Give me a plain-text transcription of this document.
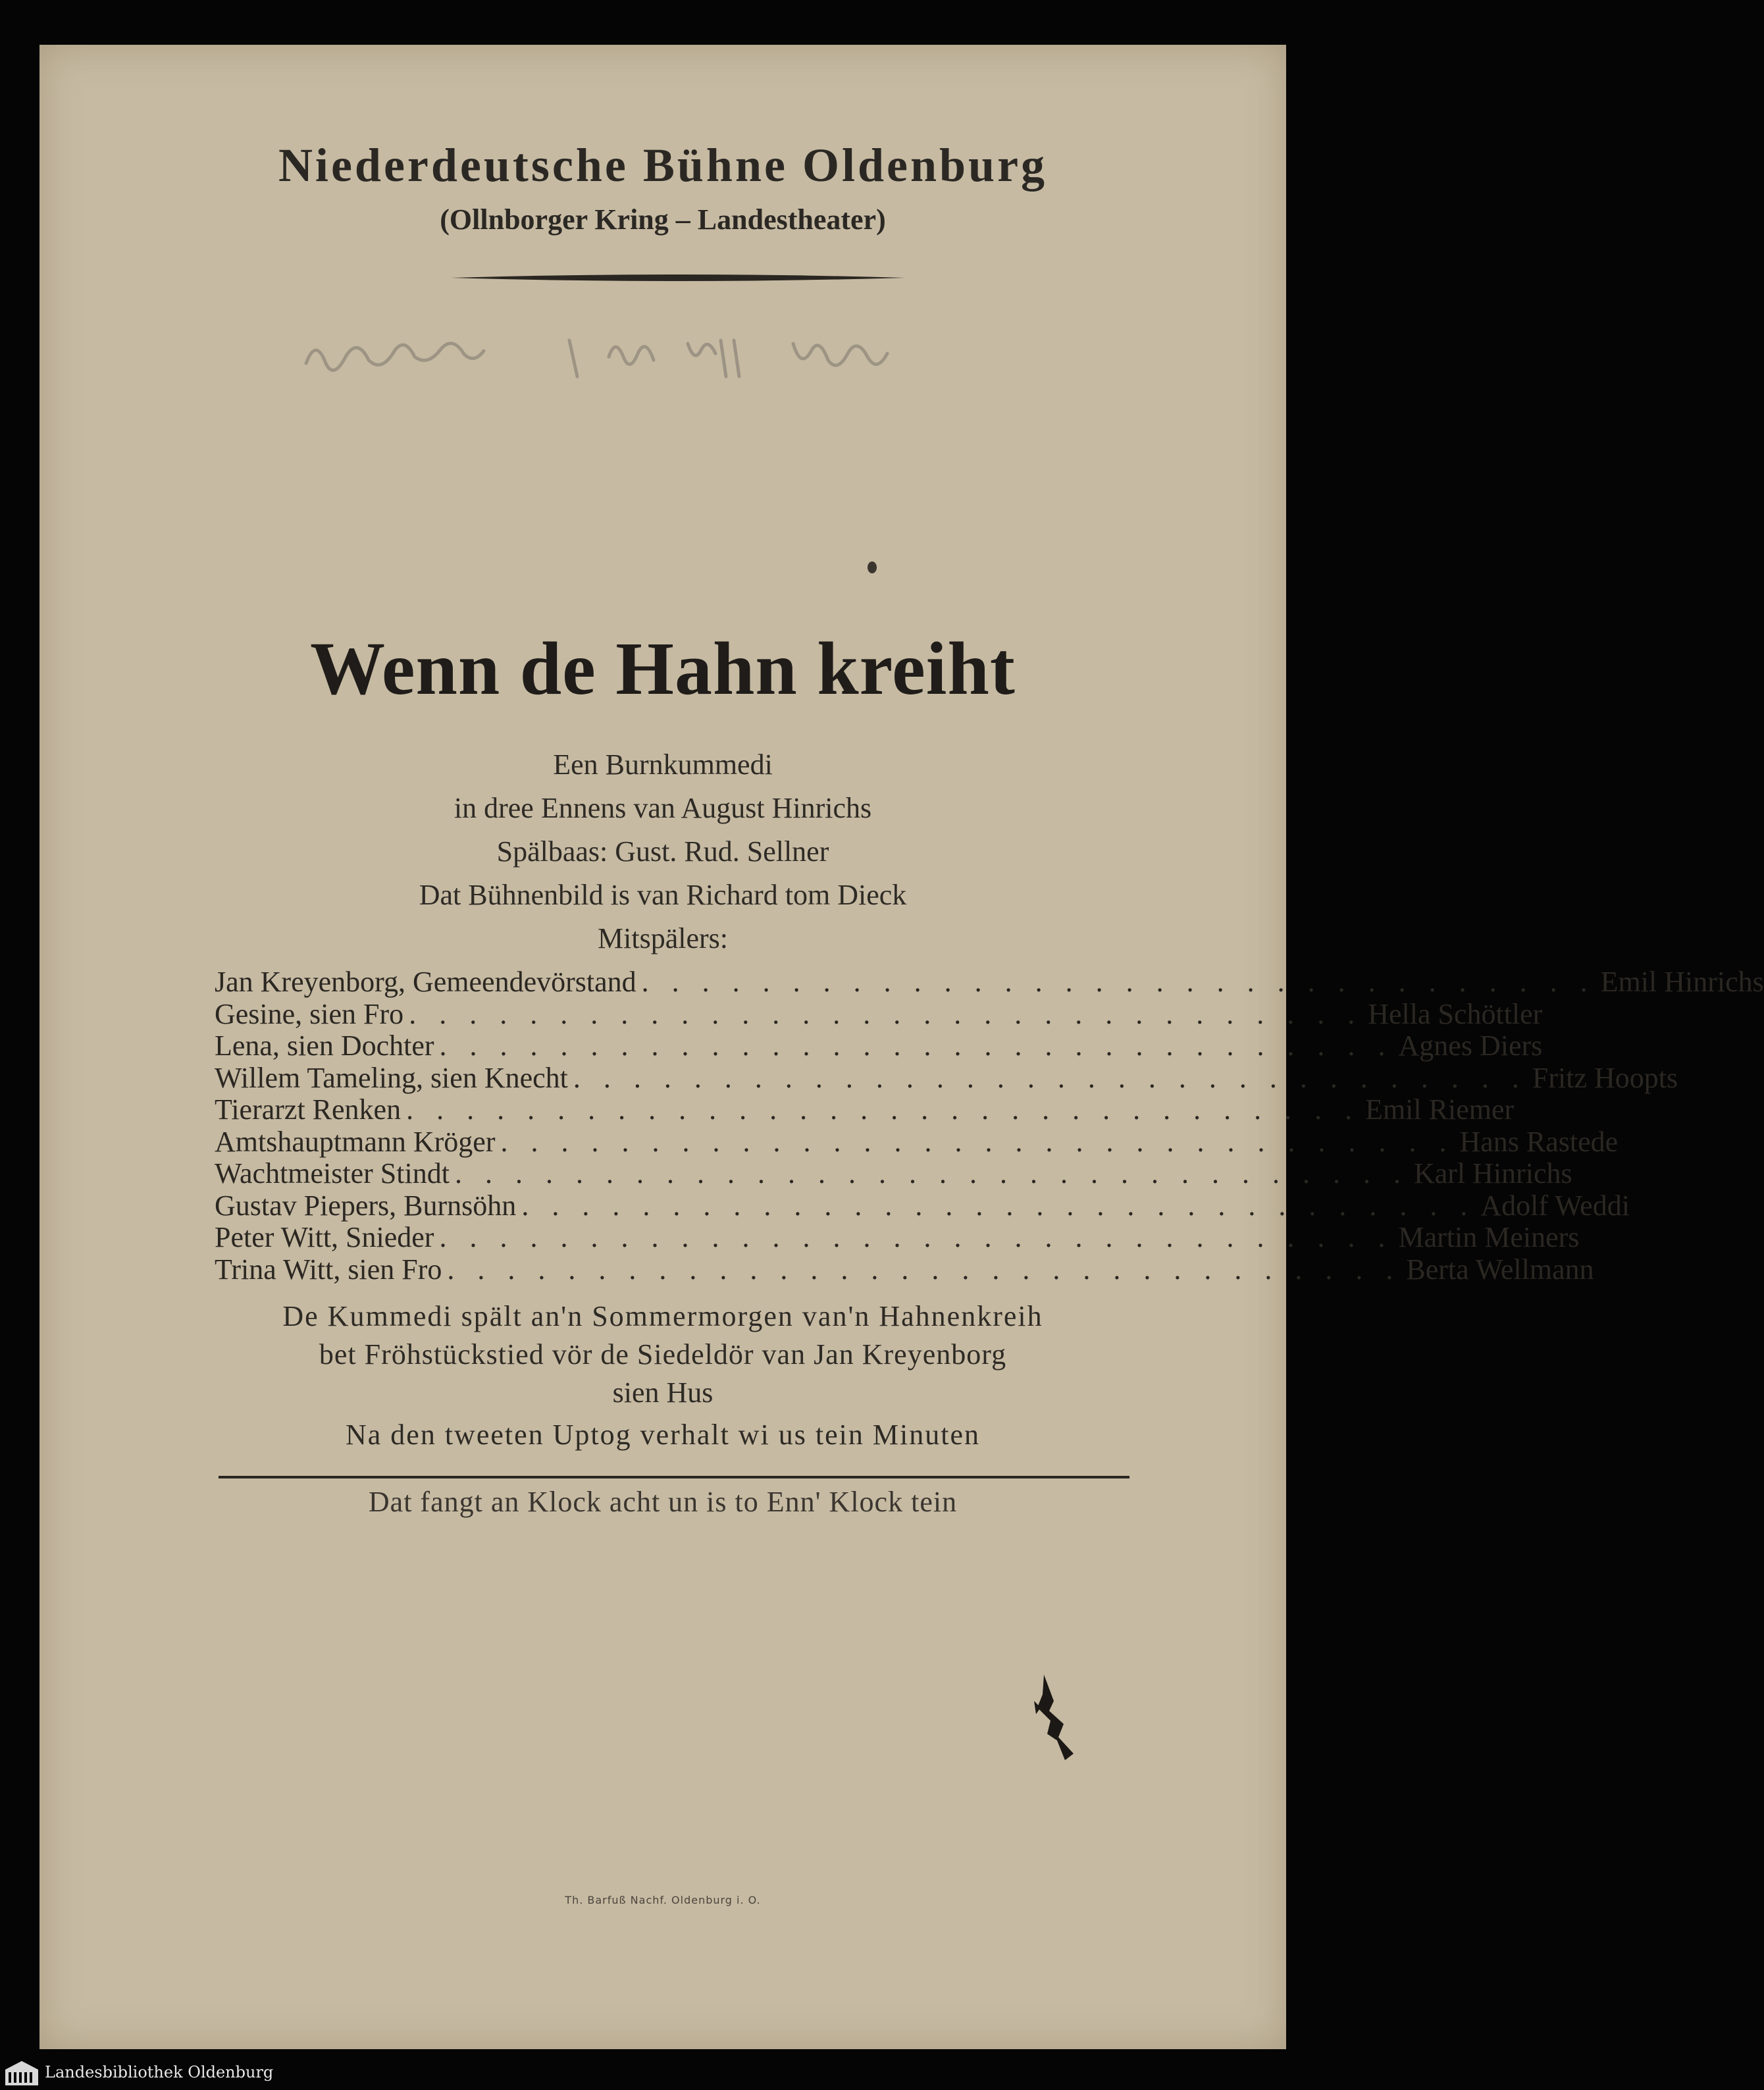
Niederdeutsche Bühne Oldenburg
(Ollnborger Kring – Landestheater)
Wenn de Hahn kreiht
Een Burnkummedi
in dree Ennens van August Hinrichs
Spälbaas: Gust. Rud. Sellner
Dat Bühnenbild is van Richard tom Dieck
Mitspälers:
Jan Kreyenborg, Gemeendevörstand . . . . . . . . . . . . . . . . . . . . . . . . . . . . . . . . Emil Hinrichs
Gesine, sien Fro . . . . . . . . . . . . . . . . . . . . . . . . . . . . . . . . Hella Schöttler
Lena, sien Dochter . . . . . . . . . . . . . . . . . . . . . . . . . . . . . . . . Agnes Diers
Willem Tameling, sien Knecht . . . . . . . . . . . . . . . . . . . . . . . . . . . . . . . . Fritz Hoopts
Tierarzt Renken . . . . . . . . . . . . . . . . . . . . . . . . . . . . . . . . Emil Riemer
Amtshauptmann Kröger . . . . . . . . . . . . . . . . . . . . . . . . . . . . . . . . Hans Rastede
Wachtmeister Stindt . . . . . . . . . . . . . . . . . . . . . . . . . . . . . . . . Karl Hinrichs
Gustav Piepers, Burnsöhn . . . . . . . . . . . . . . . . . . . . . . . . . . . . . . . . Adolf Weddi
Peter Witt, Snieder . . . . . . . . . . . . . . . . . . . . . . . . . . . . . . . . Martin Meiners
Trina Witt, sien Fro . . . . . . . . . . . . . . . . . . . . . . . . . . . . . . . . Berta Wellmann
De Kummedi spält an'n Sommermorgen van'n Hahnenkreih
bet Fröhstückstied vör de Siedeldör van Jan Kreyenborg
sien Hus
Na den tweeten Uptog verhalt wi us tein Minuten
Dat fangt an Klock acht un is to Enn' Klock tein
Th. Barfuß Nachf. Oldenburg i. O.
Landesbibliothek Oldenburg
